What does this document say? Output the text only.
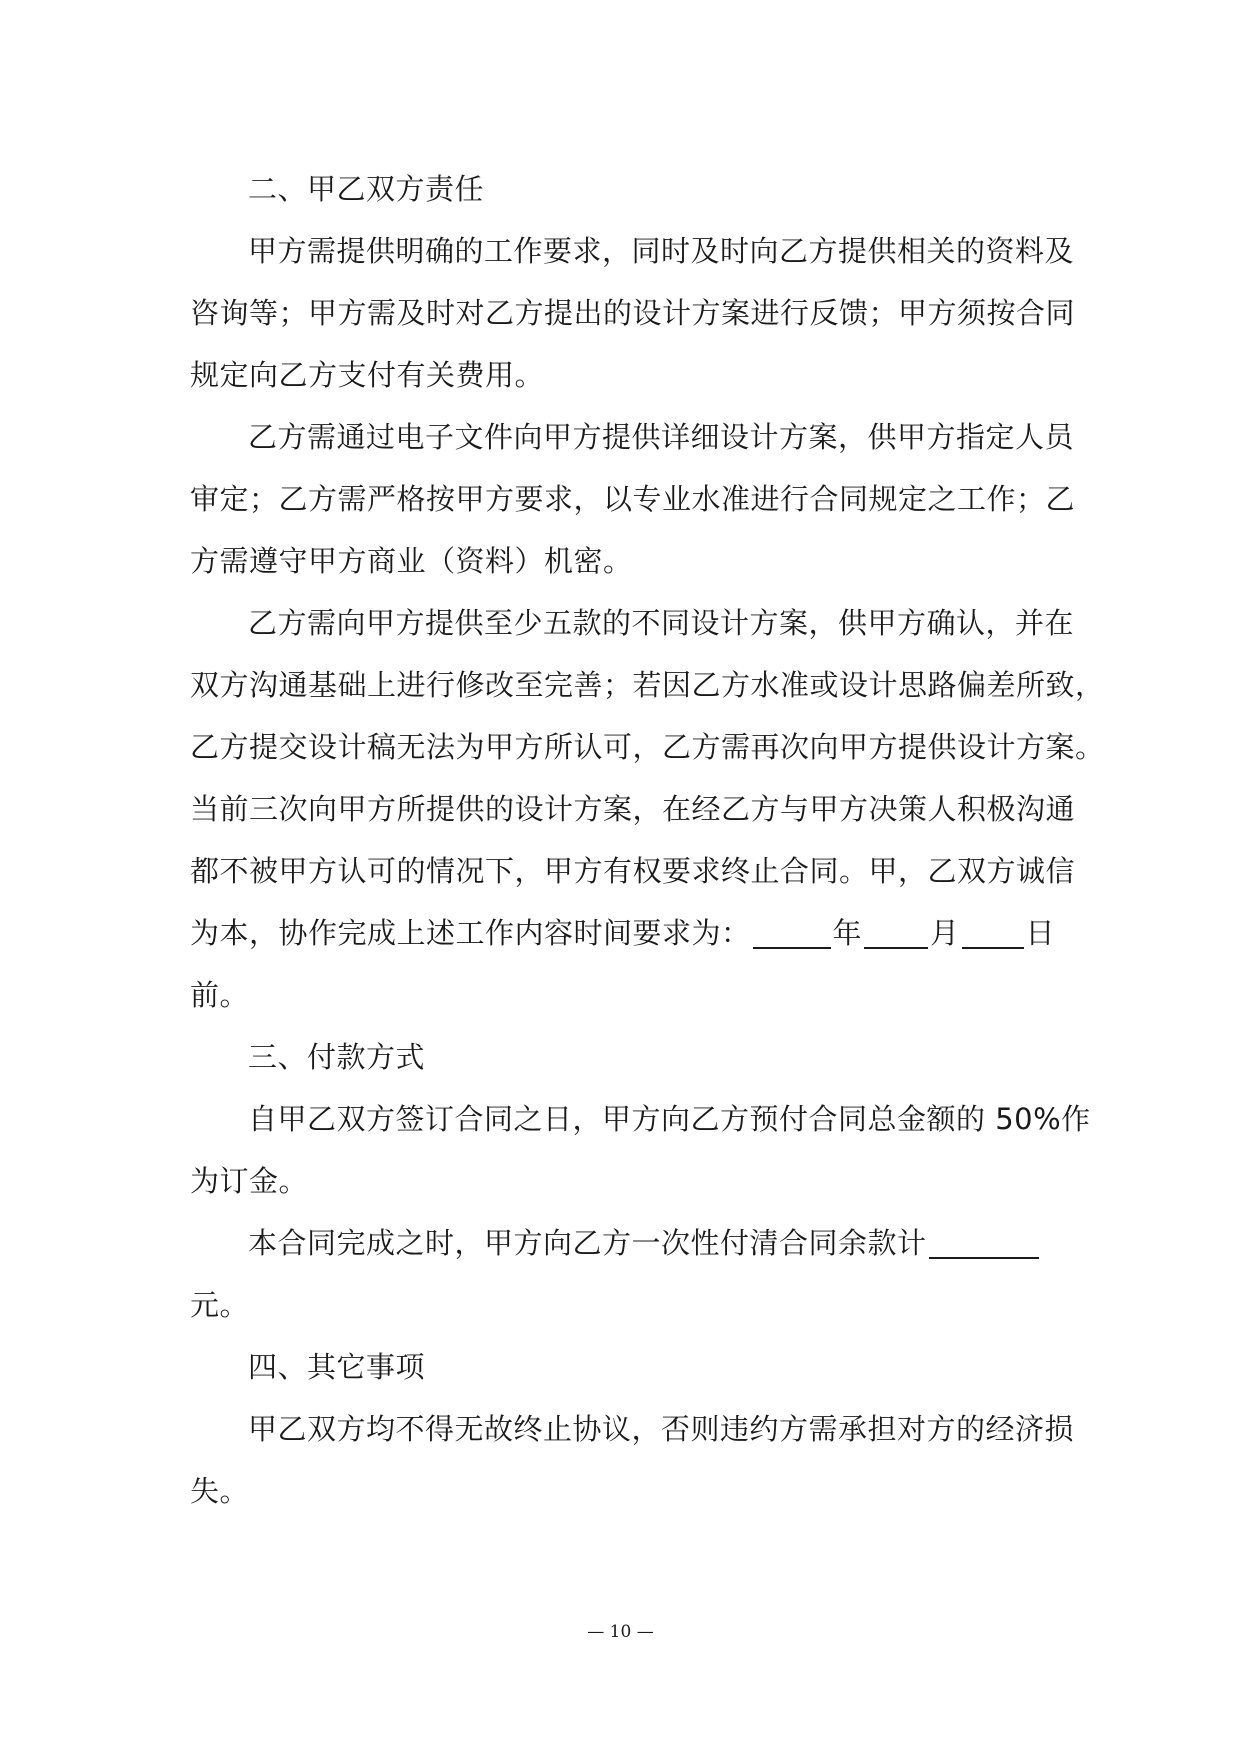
二、甲乙双方责任
甲方需提供明确的工作要求，同时及时向乙方提供相关的资料及
咨询等；甲方需及时对乙方提出的设计方案进行反馈；甲方须按合同
规定向乙方支付有关费用。
乙方需通过电子文件向甲方提供详细设计方案，供甲方指定人员
审定；乙方需严格按甲方要求，以专业水准进行合同规定之工作；乙
方需遵守甲方商业（资料）机密。
乙方需向甲方提供至少五款的不同设计方案，供甲方确认，并在
双方沟通基础上进行修改至完善；若因乙方水准或设计思路偏差所致，
乙方提交设计稿无法为甲方所认可，乙方需再次向甲方提供设计方案。
当前三次向甲方所提供的设计方案，在经乙方与甲方决策人积极沟通
都不被甲方认可的情况下，甲方有权要求终止合同。甲，乙双方诚信
为本，协作完成上述工作内容时间要求为：	年 月 日
前。
三、付款方式
自甲乙双方签订合同之日，甲方向乙方预付合同总金额的 50%作
为订金。
本合同完成之时，甲方向乙方一次性付清合同余款计
元。
四、其它事项
甲乙双方均不得无故终止协议，否则违约方需承担对方的经济损
失。
— 10 —
